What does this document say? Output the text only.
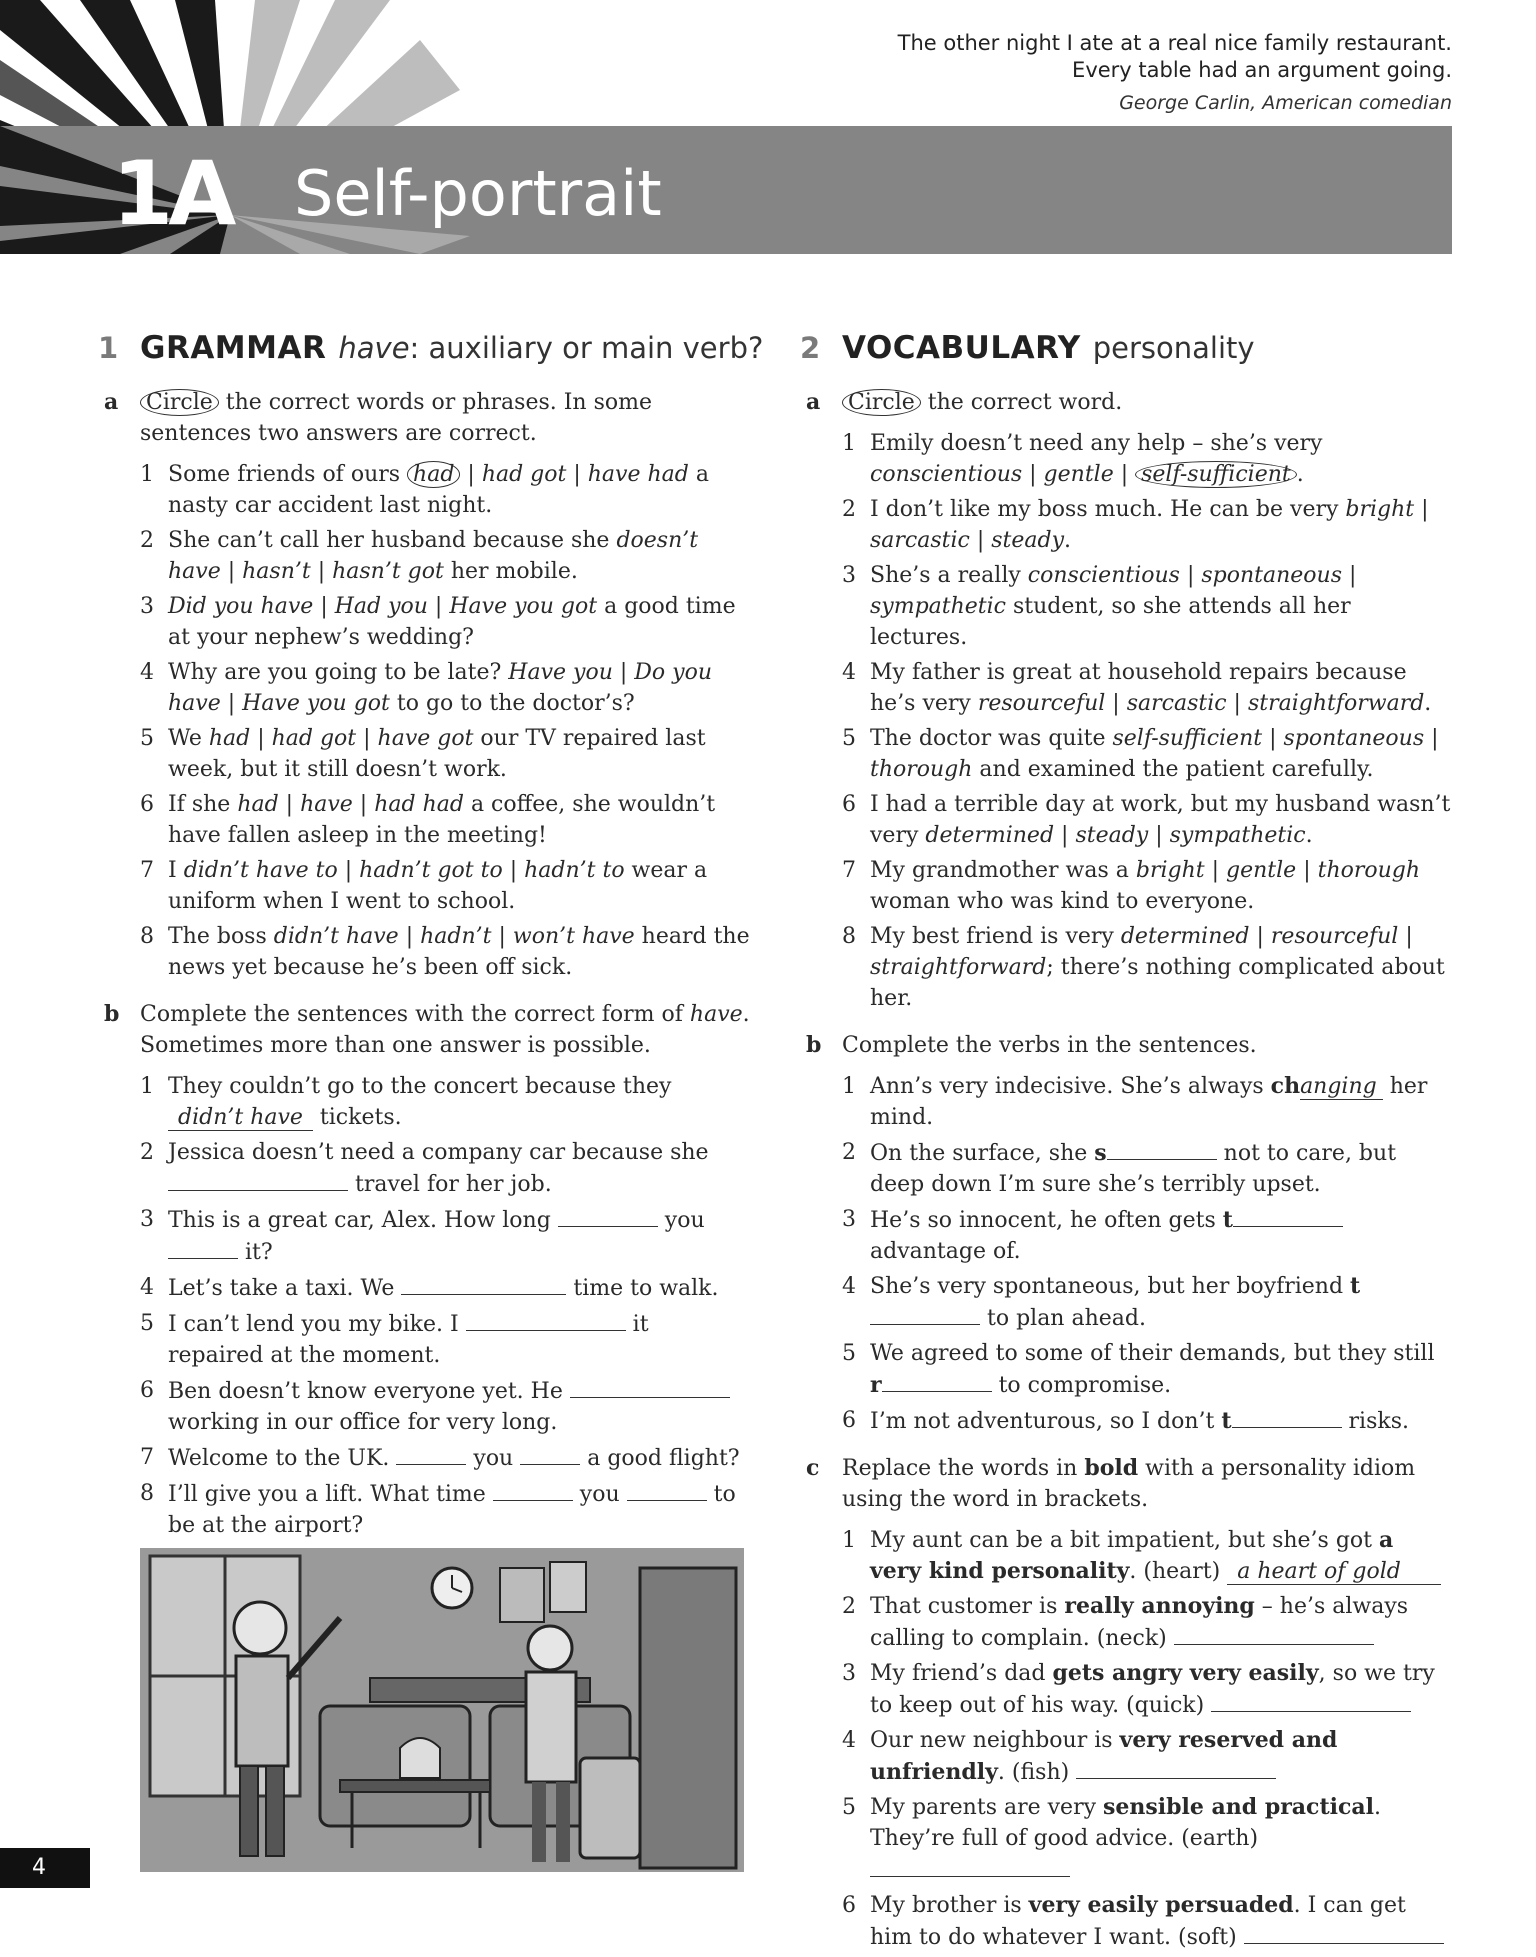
The other night I ate at a real nice family restaurant.

Every table had an argument going.

George Carlin, American comedian
1A Self-portrait
1 GRAMMAR have: auxiliary or main verb?
a Circle the correct words or phrases. In some sentences two answers are correct.
1 Some friends of ours had | had got | have had a nasty car accident last night.
2 She can’t call her husband because she doesn’t have | hasn’t | hasn’t got her mobile.
3 Did you have | Had you | Have you got a good time at your nephew’s wedding?
4 Why are you going to be late? Have you | Do you have | Have you got to go to the doctor’s?
5 We had | had got | have got our TV repaired last week, but it still doesn’t work.
6 If she had | have | had had a coffee, she wouldn’t have fallen asleep in the meeting!
7 I didn’t have to | hadn’t got to | hadn’t to wear a uniform when I went to school.
8 The boss didn’t have | hadn’t | won’t have heard the news yet because he’s been off sick.
b Complete the sentences with the correct form of have. Sometimes more than one answer is possible.
1 They couldn’t go to the concert because they didn’t have tickets.
2 Jessica doesn’t need a company car because she  travel for her job.
3 This is a great car, Alex. How long	you  it?
4 Let’s take a taxi. We	time to walk.
5 I can’t lend you my bike. I	it repaired at the moment.
6 Ben doesn’t know everyone yet. He  working in our office for very long.
7 Welcome to the UK.	you	a good flight?
8 I’ll give you a lift. What time	you	to be at the airport?
2 VOCABULARY personality
a Circle the correct word.
1 Emily doesn’t need any help – she’s very conscientious | gentle | self-sufficient .
2 I don’t like my boss much. He can be very bright | sarcastic | steady.
3 She’s a really conscientious | spontaneous | sympathetic student, so she attends all her lectures.
4 My father is great at household repairs because he’s very resourceful | sarcastic | straightforward.
5 The doctor was quite self-sufficient | spontaneous | thorough and examined the patient carefully.
6 I had a terrible day at work, but my husband wasn’t very determined | steady | sympathetic.
7 My grandmother was a bright | gentle | thorough woman who was kind to everyone.
8 My best friend is very determined | resourceful | straightforward; there’s nothing complicated about her.
b Complete the verbs in the sentences.
1 Ann’s very indecisive. She’s always changing her mind.
2 On the surface, she s	not to care, but deep down I’m sure she’s terribly upset.
3 He’s so innocent, he often gets t advantage of.
4 She’s very spontaneous, but her boyfriend t to plan ahead.
5 We agreed to some of their demands, but they still r	to compromise.
6 I’m not adventurous, so I don’t t	risks.
c Replace the words in bold with a personality idiom using the word in brackets.
1 My aunt can be a bit impatient, but she’s got a very kind personality. (heart) a heart of gold
2 That customer is really annoying – he’s always calling to complain. (neck)
3 My friend’s dad gets angry very easily, so we try to keep out of his way. (quick)
4 Our new neighbour is very reserved and unfriendly. (fish)
5 My parents are very sensible and practical. They’re full of good advice. (earth)
6 My brother is very easily persuaded. I can get him to do whatever I want. (soft)
4
